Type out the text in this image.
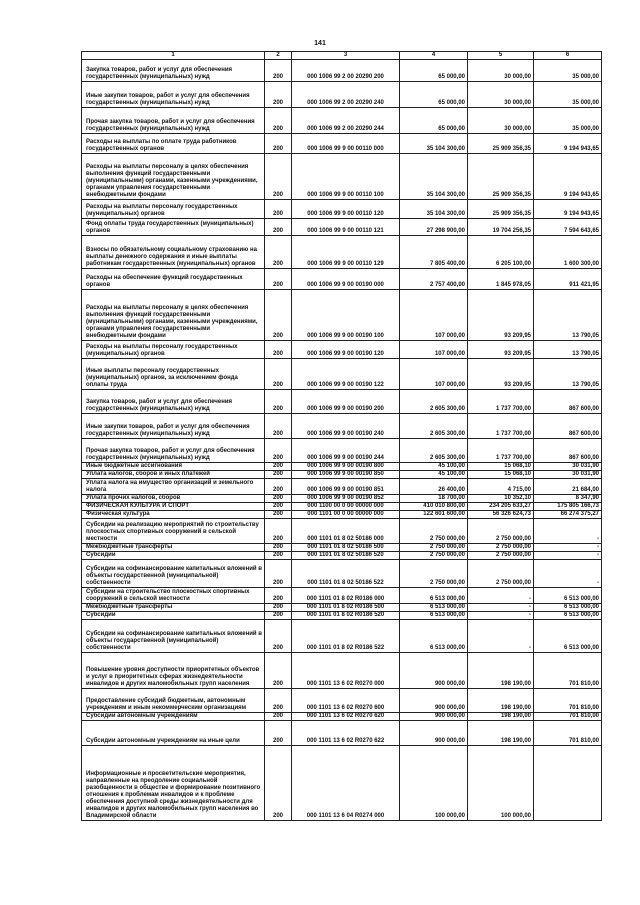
141
1	2	3	4	5	6
Закупка товаров, работ и услуг для обеспечения государственных (муниципальных) нужд	200	000 1006 99 2 00 20290 200	65 000,00	30 000,00	35 000,00
Иные закупки товаров, работ и услуг для обеспечения государственных (муниципальных) нужд	200	000 1006 99 2 00 20290 240	65 000,00	30 000,00	35 000,00
Прочая закупка товаров, работ и услуг для обеспечения государственных (муниципальных) нужд	200	000 1006 99 2 00 20290 244	65 000,00	30 000,00	35 000,00
Расходы на выплаты по оплате труда работников государственных органов	200	000 1006 99 9 00 00110 000	35 104 300,00	25 909 356,35	9 194 943,65
Расходы на выплаты персоналу в целях обеспечения выполнения функций государственными (муниципальными) органами, казенными учреждениями, органами управления государственными внебюджетными фондами	200	000 1006 99 9 00 00110 100	35 104 300,00	25 909 356,35	9 194 943,65
Расходы на выплаты персоналу государственных (муниципальных) органов	200	000 1006 99 9 00 00110 120	35 104 300,00	25 909 356,35	9 194 943,65
Фонд оплаты труда государственных (муниципальных) органов	200	000 1006 99 9 00 00110 121	27 298 900,00	19 704 256,35	7 594 643,65
Взносы по обязательному социальному страхованию на выплаты денежного содержания и иные выплаты работникам государственных (муниципальных) органов	200	000 1006 99 9 00 00110 129	7 805 400,00	6 205 100,00	1 600 300,00
Расходы на обеспечение функций государственных органов	200	000 1006 99 9 00 00190 000	2 757 400,00	1 845 978,05	911 421,95
Расходы на выплаты персоналу в целях обеспечения выполнения функций государственными (муниципальными) органами, казенными учреждениями, органами управления государственными внебюджетными фондами	200	000 1006 99 9 00 00190 100	107 000,00	93 209,95	13 790,05
Расходы на выплаты персоналу государственных (муниципальных) органов	200	000 1006 99 9 00 00190 120	107 000,00	93 209,95	13 790,05
Иные выплаты персоналу государственных (муниципальных) органов, за исключением фонда оплаты труда	200	000 1006 99 9 00 00190 122	107 000,00	93 209,95	13 790,05
Закупка товаров, работ и услуг для обеспечения государственных (муниципальных) нужд	200	000 1006 99 9 00 00190 200	2 605 300,00	1 737 700,00	867 600,00
Иные закупки товаров, работ и услуг для обеспечения государственных (муниципальных) нужд	200	000 1006 99 9 00 00190 240	2 605 300,00	1 737 700,00	867 600,00
Прочая закупка товаров, работ и услуг для обеспечения государственных (муниципальных) нужд	200	000 1006 99 9 00 00190 244	2 605 300,00	1 737 700,00	867 600,00
Иные бюджетные ассигнования	200	000 1006 99 9 00 00190 800	45 100,00	15 068,10	30 031,90
Уплата налогов, сборов и иных платежей	200	000 1006 99 9 00 00190 850	45 100,00	15 068,10	30 031,90
Уплата налога на имущество организаций и земельного налога	200	000 1006 99 9 00 00190 851	26 400,00	4 715,00	21 684,00
Уплата прочих налогов, сборов	200	000 1006 99 9 00 00190 852	18 700,00	10 352,10	8 347,90
ФИЗИЧЕСКАЯ КУЛЬТУРА И СПОРТ	200	000 1100 00 0 00 00000 000	410 010 800,00	234 205 633,27	175 805 166,73
Физическая культура	200	000 1101 00 0 00 00000 000	122 601 600,00	56 326 624,73	66 274 375,27
Субсидии на реализацию мероприятий по строительству плоскостных спортивных сооружений в сельской местности	200	000 1101 01 8 02 50186 000	2 750 000,00	2 750 000,00	-
Межбюджетные трансферты	200	000 1101 01 8 02 50186 500	2 750 000,00	2 750 000,00	-
Субсидии	200	000 1101 01 8 02 50186 520	2 750 000,00	2 750 000,00	-
Субсидии на софинансирование капитальных вложений в объекты государственной (муниципальной) собственности	200	000 1101 01 8 02 50186 522	2 750 000,00	2 750 000,00	-
Субсидии на строительство плоскостных спортивных сооружений в сельской местности	200	000 1101 01 8 02 R0186 000	6 513 000,00	-	6 513 000,00
Межбюджетные трансферты	200	000 1101 01 8 02 R0186 500	6 513 000,00	-	6 513 000,00
Субсидии	200	000 1101 01 8 02 R0186 520	6 513 000,00	-	6 513 000,00
Субсидии на софинансирование капитальных вложений в объекты государственной (муниципальной) собственности	200	000 1101 01 8 02 R0186 522	6 513 000,00	-	6 513 000,00
Повышение уровня доступности приоритетных объектов и услуг в приоритетных сферах жизнедеятельности инвалидов и других маломобильных групп населения	200	000 1101 13 6 02 R0270 000	900 000,00	198 190,00	701 810,00
Предоставление субсидий бюджетным, автономным учреждениям и иным некоммерческим организациям	200	000 1101 13 6 02 R0270 600	900 000,00	198 190,00	701 810,00
Субсидии автономным учреждениям	200	000 1101 13 6 02 R0270 620	900 000,00	198 190,00	701 810,00
Субсидии автономным учреждениям на иные цели	200	000 1101 13 6 02 R0270 622	900 000,00	198 190,00	701 810,00
Информационные и просветительские мероприятия, направленные на преодоление социальной разобщенности в обществе и формирование позитивного отношения к проблемам инвалидов и к проблеме обеспечения доступной среды жизнедеятельности для инвалидов и других маломобильных групп населения во Владимирской области	200	000 1101 13 6 04 R0274 000	100 000,00	100 000,00	
